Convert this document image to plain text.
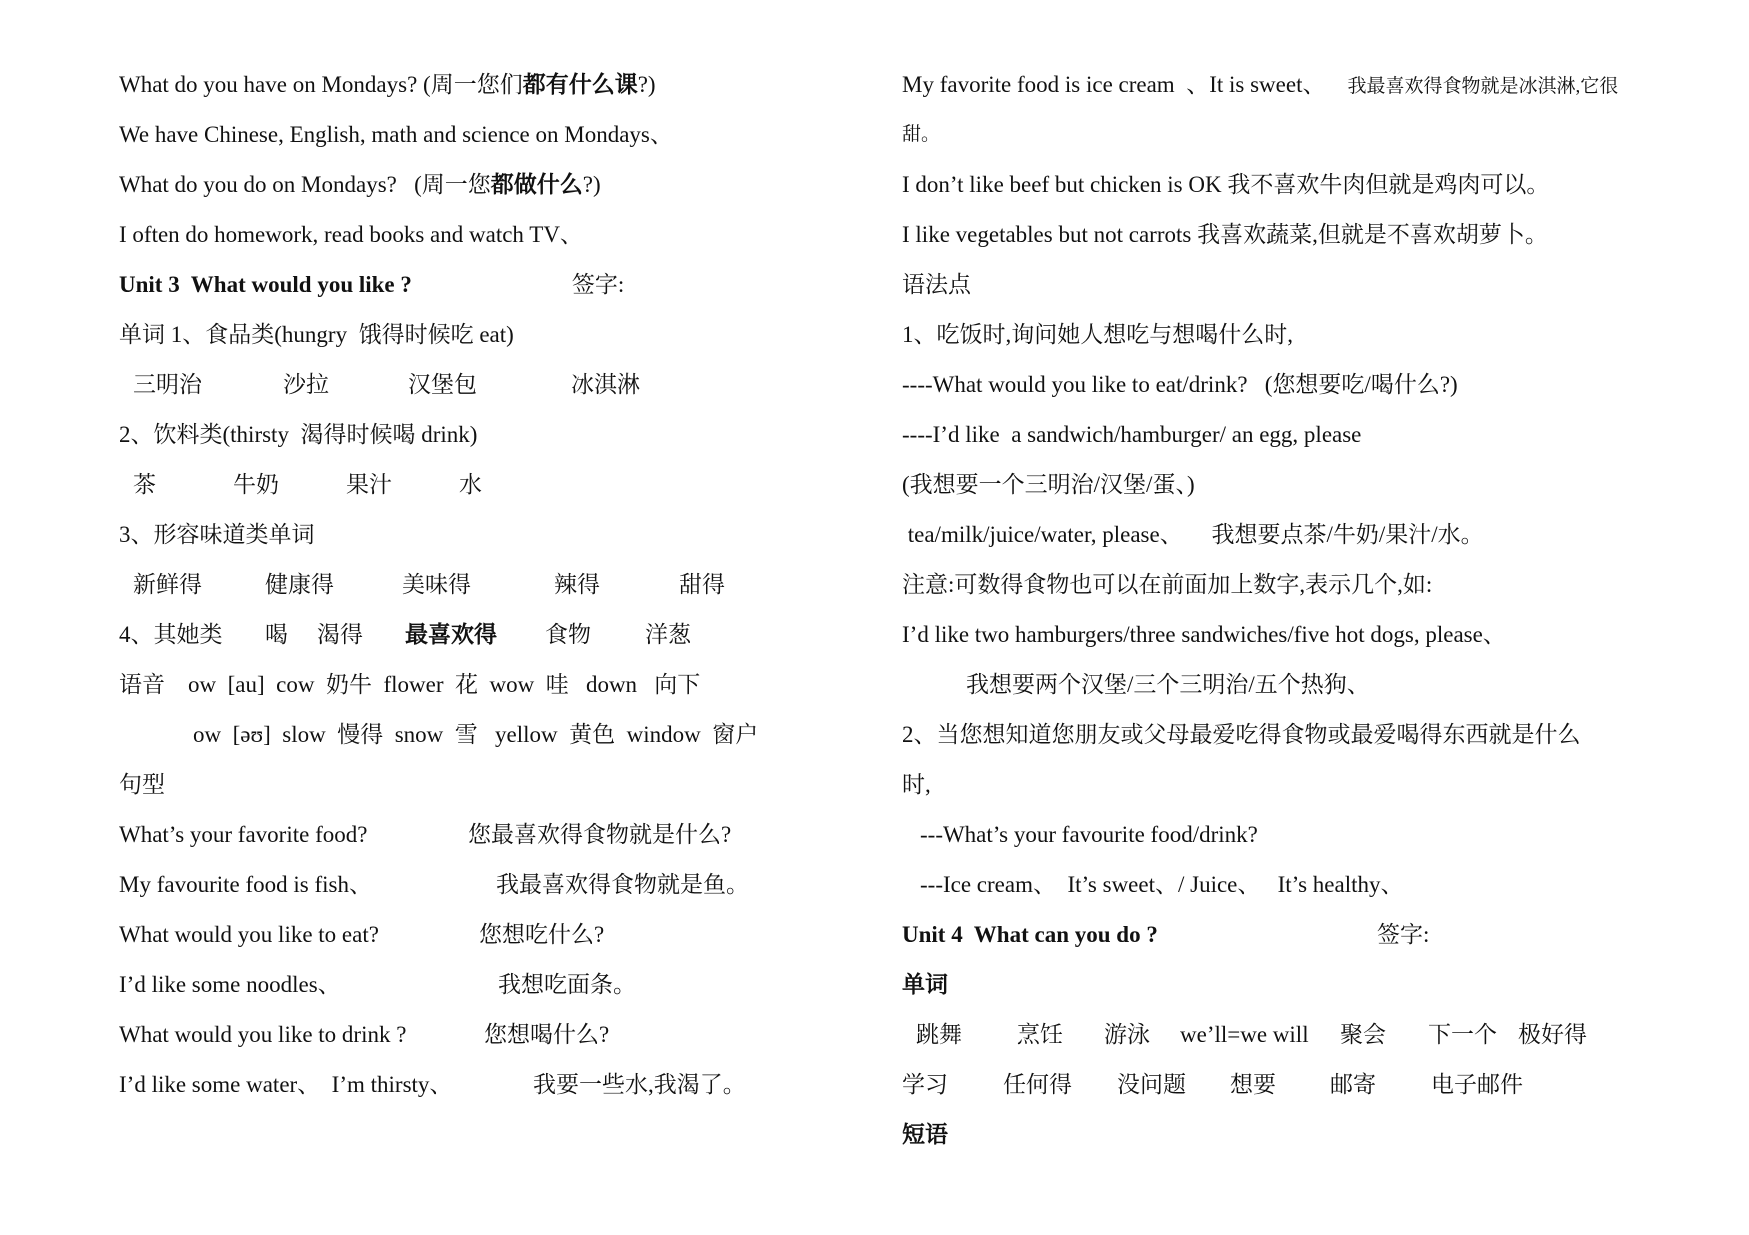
What do you have on Mondays? (周一您们都有什么课?)
We have Chinese, English, math and science on Mondays、
What do you do on Mondays?   (周一您都做什么?)
I often do homework, read books and watch TV、
Unit 3  What would you like ?	签字:
单词 1、食品类(hungry  饿得时候吃 eat)
三明治	沙拉	汉堡包	冰淇淋
2、饮料类(thirsty  渴得时候喝 drink)
茶	牛奶	果汁	水
3、形容味道类单词
新鲜得	健康得	美味得	辣得	甜得
4、其她类 喝 渴得 最喜欢得 食物 洋葱
语音    ow  [au]  cow  奶牛  flower  花  wow  哇   down   向下
ow  [əʊ]  slow  慢得  snow  雪   yellow  黄色  window  窗户
句型
What’s your favorite food?	您最喜欢得食物就是什么?
My favourite food is fish、	我最喜欢得食物就是鱼。
What would you like to eat?	您想吃什么?
I’d like some noodles、	我想吃面条。
What would you like to drink ?	您想喝什么?
I’d like some water、  I’m thirsty、	我要一些水,我渴了。
My favorite food is ice cream  、It is sweet、 我最喜欢得食物就是冰淇淋,它很
甜。
I don’t like beef but chicken is OK 我不喜欢牛肉但就是鸡肉可以。
I like vegetables but not carrots 我喜欢蔬菜,但就是不喜欢胡萝卜。
语法点
1、吃饭时,询问她人想吃与想喝什么时,
----What would you like to eat/drink?   (您想要吃/喝什么?)
----I’d like  a sandwich/hamburger/ an egg, please
(我想要一个三明治/汉堡/蛋、)
tea/milk/juice/water, please、     我想要点茶/牛奶/果汁/水。
注意:可数得食物也可以在前面加上数字,表示几个,如:
I’d like two hamburgers/three sandwiches/five hot dogs, please、
我想要两个汉堡/三个三明治/五个热狗、
2、当您想知道您朋友或父母最爱吃得食物或最爱喝得东西就是什么
时,
---What’s your favourite food/drink?
---Ice cream、  It’s sweet、/ Juice、   It’s healthy、
Unit 4  What can you do ?	签字:
单词
跳舞 烹饪 游泳 we’ll=we will 聚会 下一个 极好得
学习 任何得 没问题 想要 邮寄 电子邮件
短语
